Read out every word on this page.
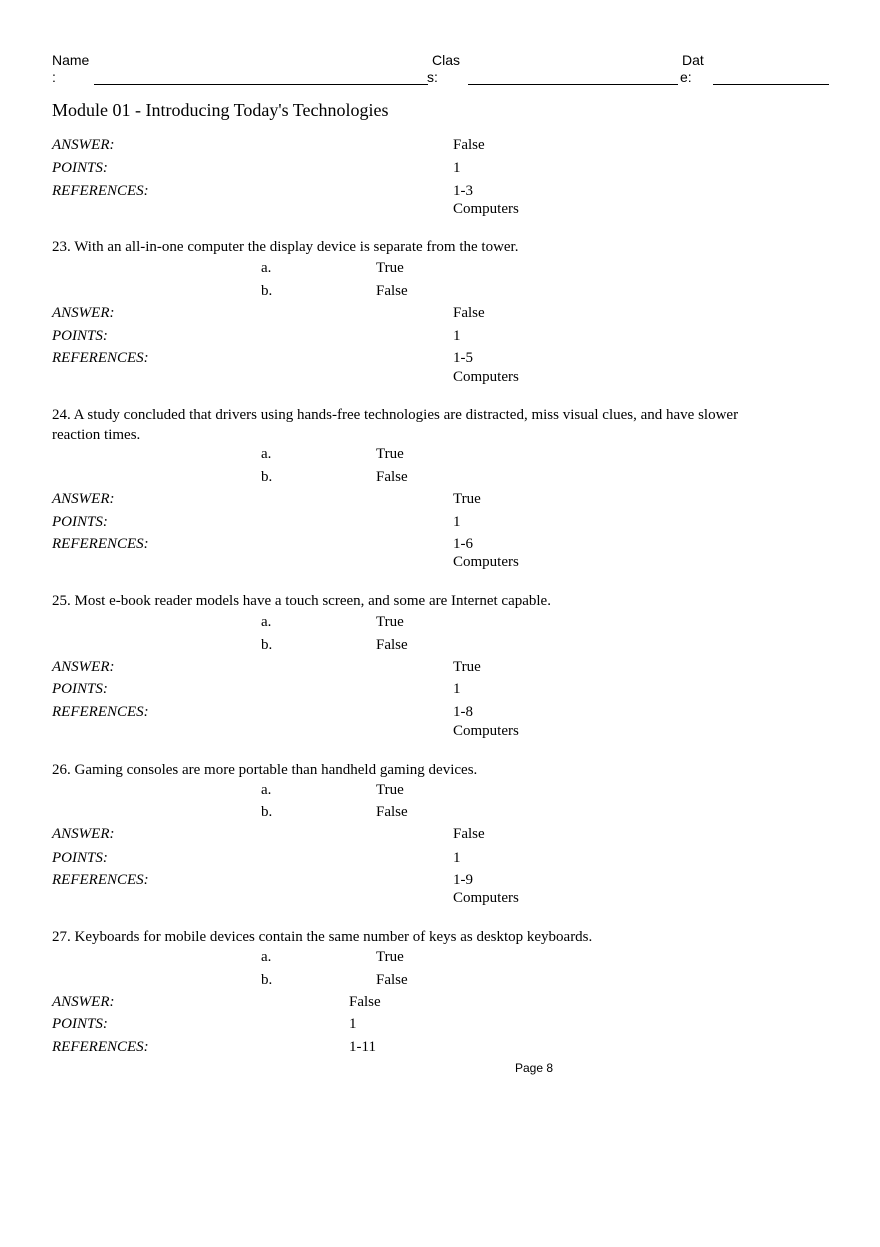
Name
:
Clas
s:
Dat
e:
Module 01 - Introducing Today's Technologies
ANSWER:	False
POINTS:	1
REFERENCES:	1-3
Computers
23. With an all-in-one computer the display device is separate from the tower.
a.	True
b.	False
ANSWER:	False
POINTS:	1
REFERENCES:	1-5
Computers
24. A study concluded that drivers using hands-free technologies are distracted, miss visual clues, and have slower
reaction times.
a.	True
b.	False
ANSWER:	True
POINTS:	1
REFERENCES:	1-6
Computers
25. Most e-book reader models have a touch screen, and some are Internet capable.
a.	True
b.	False
ANSWER:	True
POINTS:	1
REFERENCES:	1-8
Computers
26. Gaming consoles are more portable than handheld gaming devices.
a.	True
b.	False
ANSWER:	False
POINTS:	1
REFERENCES:	1-9
Computers
27. Keyboards for mobile devices contain the same number of keys as desktop keyboards.
a.	True
b.	False
ANSWER:	False
POINTS:	1
REFERENCES:	1-11
Page 8
